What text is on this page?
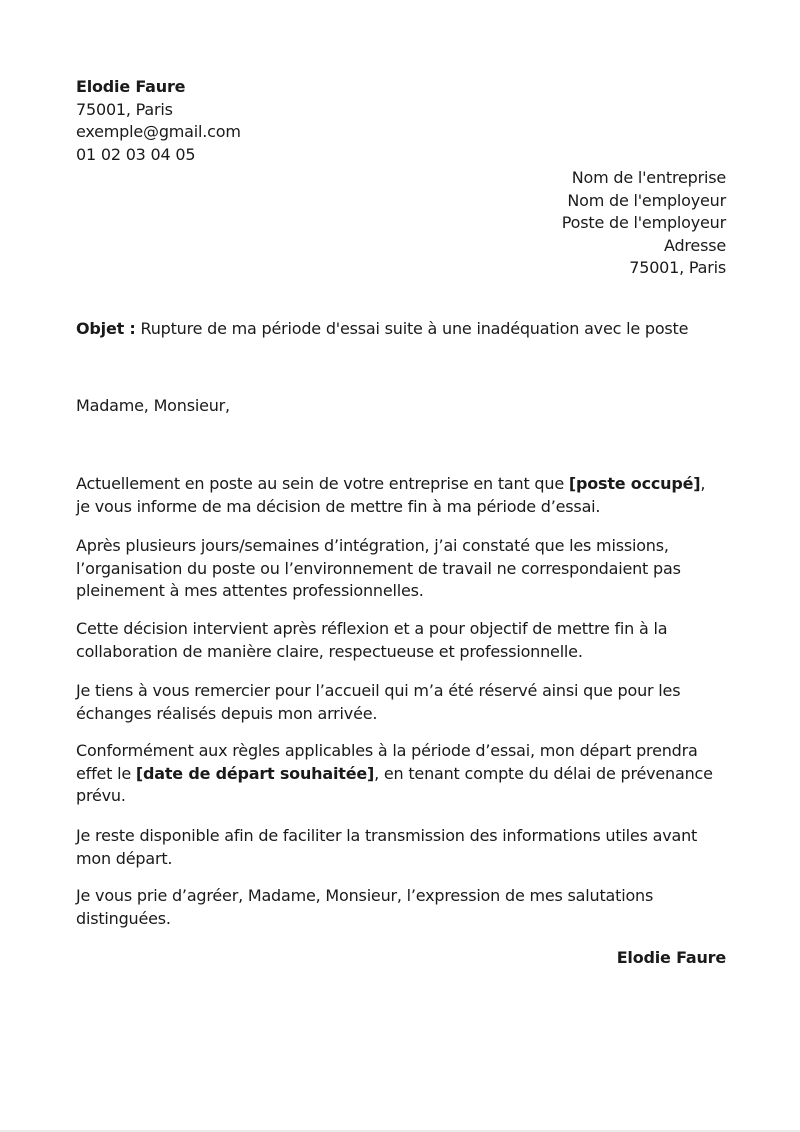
Elodie Faure
75001, Paris
exemple@gmail.com
01 02 03 04 05
Nom de l'entreprise
Nom de l'employeur
Poste de l'employeur
Adresse
75001, Paris
Objet : Rupture de ma période d'essai suite à une inadéquation avec le poste
Madame, Monsieur,
Actuellement en poste au sein de votre entreprise en tant que [poste occupé],
je vous informe de ma décision de mettre fin à ma période d’essai.
Après plusieurs jours/semaines d’intégration, j’ai constaté que les missions,
l’organisation du poste ou l’environnement de travail ne correspondaient pas
pleinement à mes attentes professionnelles.
Cette décision intervient après réflexion et a pour objectif de mettre fin à la
collaboration de manière claire, respectueuse et professionnelle.
Je tiens à vous remercier pour l’accueil qui m’a été réservé ainsi que pour les
échanges réalisés depuis mon arrivée.
Conformément aux règles applicables à la période d’essai, mon départ prendra
effet le [date de départ souhaitée], en tenant compte du délai de prévenance
prévu.
Je reste disponible afin de faciliter la transmission des informations utiles avant
mon départ.
Je vous prie d’agréer, Madame, Monsieur, l’expression de mes salutations
distinguées.
Elodie Faure
